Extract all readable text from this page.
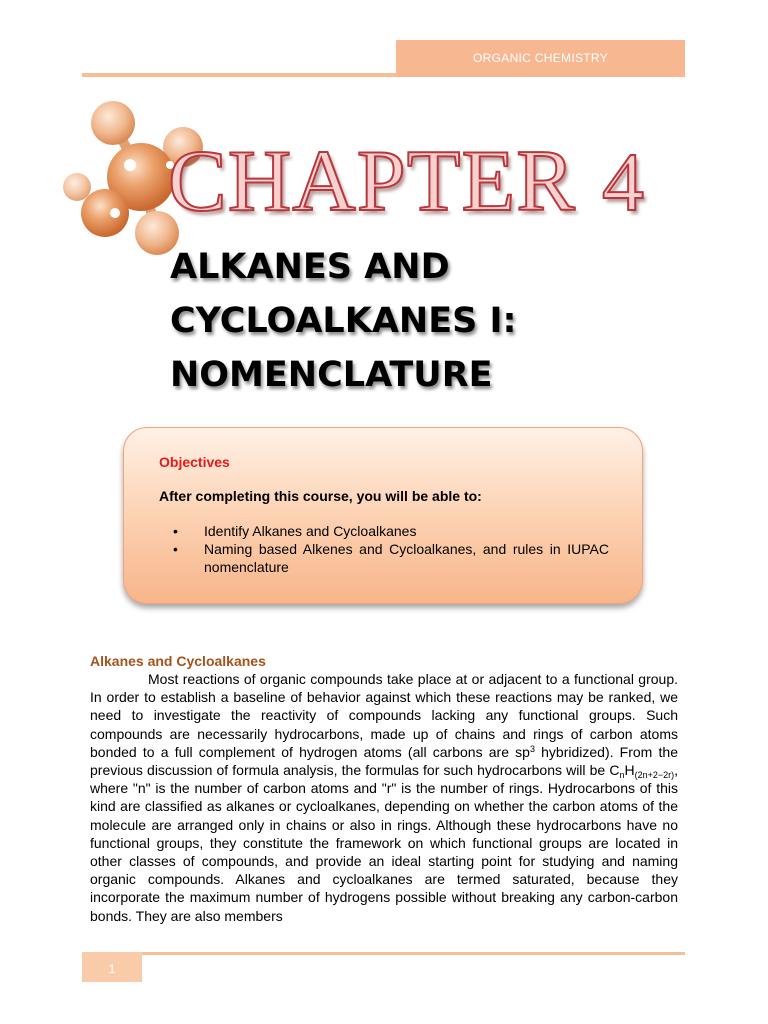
ORGANIC CHEMISTRY
CHAPTER 4
ALKANES AND
CYCLOALKANES I:
NOMENCLATURE
Objectives
After completing this course, you will be able to:
• Identify Alkanes and Cycloalkanes
• Naming based Alkenes and Cycloalkanes, and rules in IUPAC nomenclature
Alkanes and Cycloalkanes

Most reactions of organic compounds take place at or adjacent to a functional group. In order to establish a baseline of behavior against which these reactions may be ranked, we need to investigate the reactivity of compounds lacking any functional groups. Such compounds are necessarily hydrocarbons, made up of chains and rings of carbon atoms bonded to a full complement of hydrogen atoms (all carbons are $sp^3$ hybridized). From the previous discussion of formula analysis, the formulas for such hydrocarbons will be $C_nH_{(2n+2-2r)}$, where "n" is the number of carbon atoms and "r" is the number of rings. Hydrocarbons of this kind are classified as alkanes or cycloalkanes, depending on whether the carbon atoms of the molecule are arranged only in chains or also in rings. Although these hydrocarbons have no functional groups, they constitute the framework on which functional groups are located in other classes of compounds, and provide an ideal starting point for studying and naming organic compounds. Alkanes and cycloalkanes are termed saturated, because they incorporate the maximum number of hydrogens possible without breaking any carbon-carbon bonds. They are also members

1
